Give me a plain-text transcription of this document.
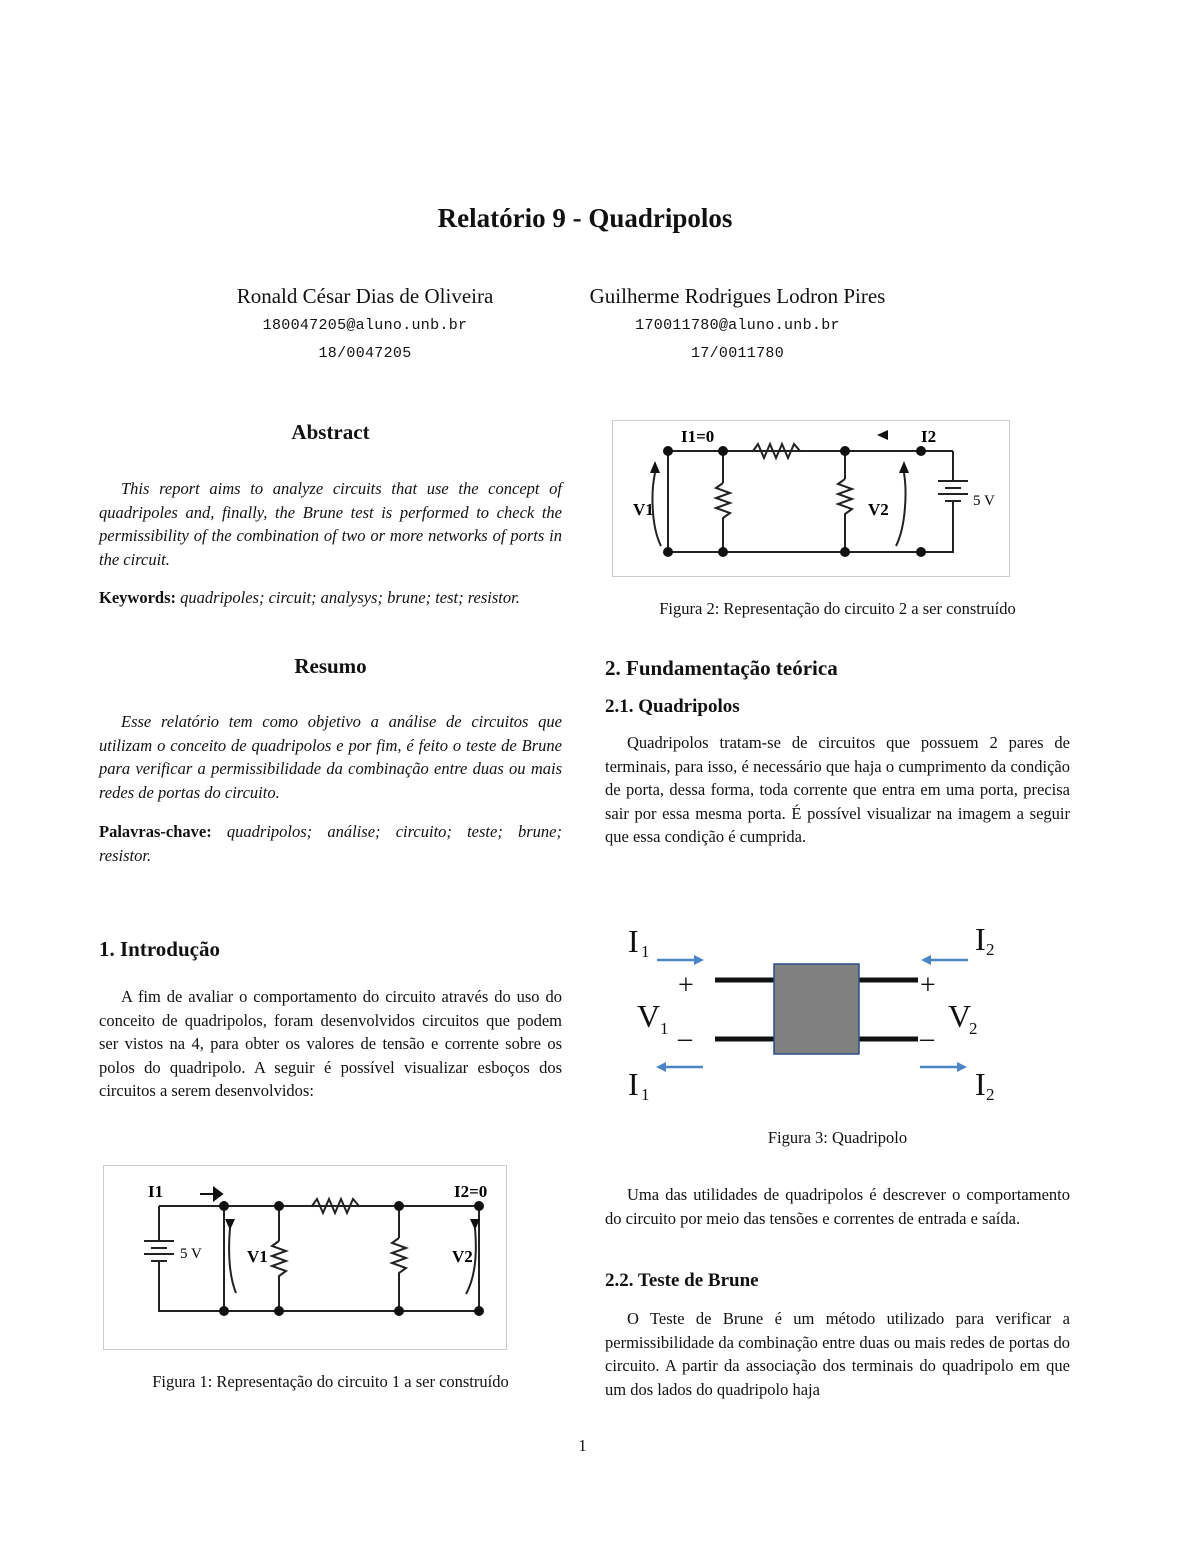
Relatório 9 - Quadripolos
Ronald César Dias de Oliveira
180047205@aluno.unb.br
18/0047205
Guilherme Rodrigues Lodron Pires
170011780@aluno.unb.br
17/0011780
Abstract

This report aims to analyze circuits that use the concept of quadripoles and, finally, the Brune test is performed to check the permissibility of the combination of two or more networks of ports in the circuit.

Keywords: quadripoles; circuit; analysys; brune; test; resistor.

Resumo

Esse relatório tem como objetivo a análise de circuitos que utilizam o conceito de quadripolos e por fim, é feito o teste de Brune para verificar a permissibilidade da combinação entre duas ou mais redes de portas do circuito.

Palavras-chave: quadripolos; análise; circuito; teste; brune; resistor.

1. Introdução

A fim de avaliar o comportamento do circuito através do uso do conceito de quadripolos, foram desenvolvidos circuitos que podem ser vistos na 4, para obter os valores de tensão e corrente sobre os polos do quadripolo. A seguir é possível visualizar esboços dos circuitos a serem desenvolvidos:

I1	I2=0
V1	V2
5 V
Figura 1: Representação do circuito 1 a ser construído
I1=0	I2
V1	V2	5 V
Figura 2: Representação do circuito 2 a ser construído
2. Fundamentação teórica
2.1. Quadripolos

Quadripolos tratam-se de circuitos que possuem 2 pares de terminais, para isso, é necessário que haja o cumprimento da condição de porta, dessa forma, toda corrente que entra em uma porta, precisa sair por essa mesma porta. É possível visualizar na imagem a seguir que essa condição é cumprida.

I 1	I 2
+	+
V 1	V
2
–	–
I 1	I 2
Figura 3: Quadripolo

Uma das utilidades de quadripolos é descrever o comportamento do circuito por meio das tensões e correntes de entrada e saída.

2.2. Teste de Brune

O Teste de Brune é um método utilizado para verificar a permissibilidade da combinação entre duas ou mais redes de portas do circuito. A partir da associação dos terminais do quadripolo em que um dos lados do quadripolo haja

1
